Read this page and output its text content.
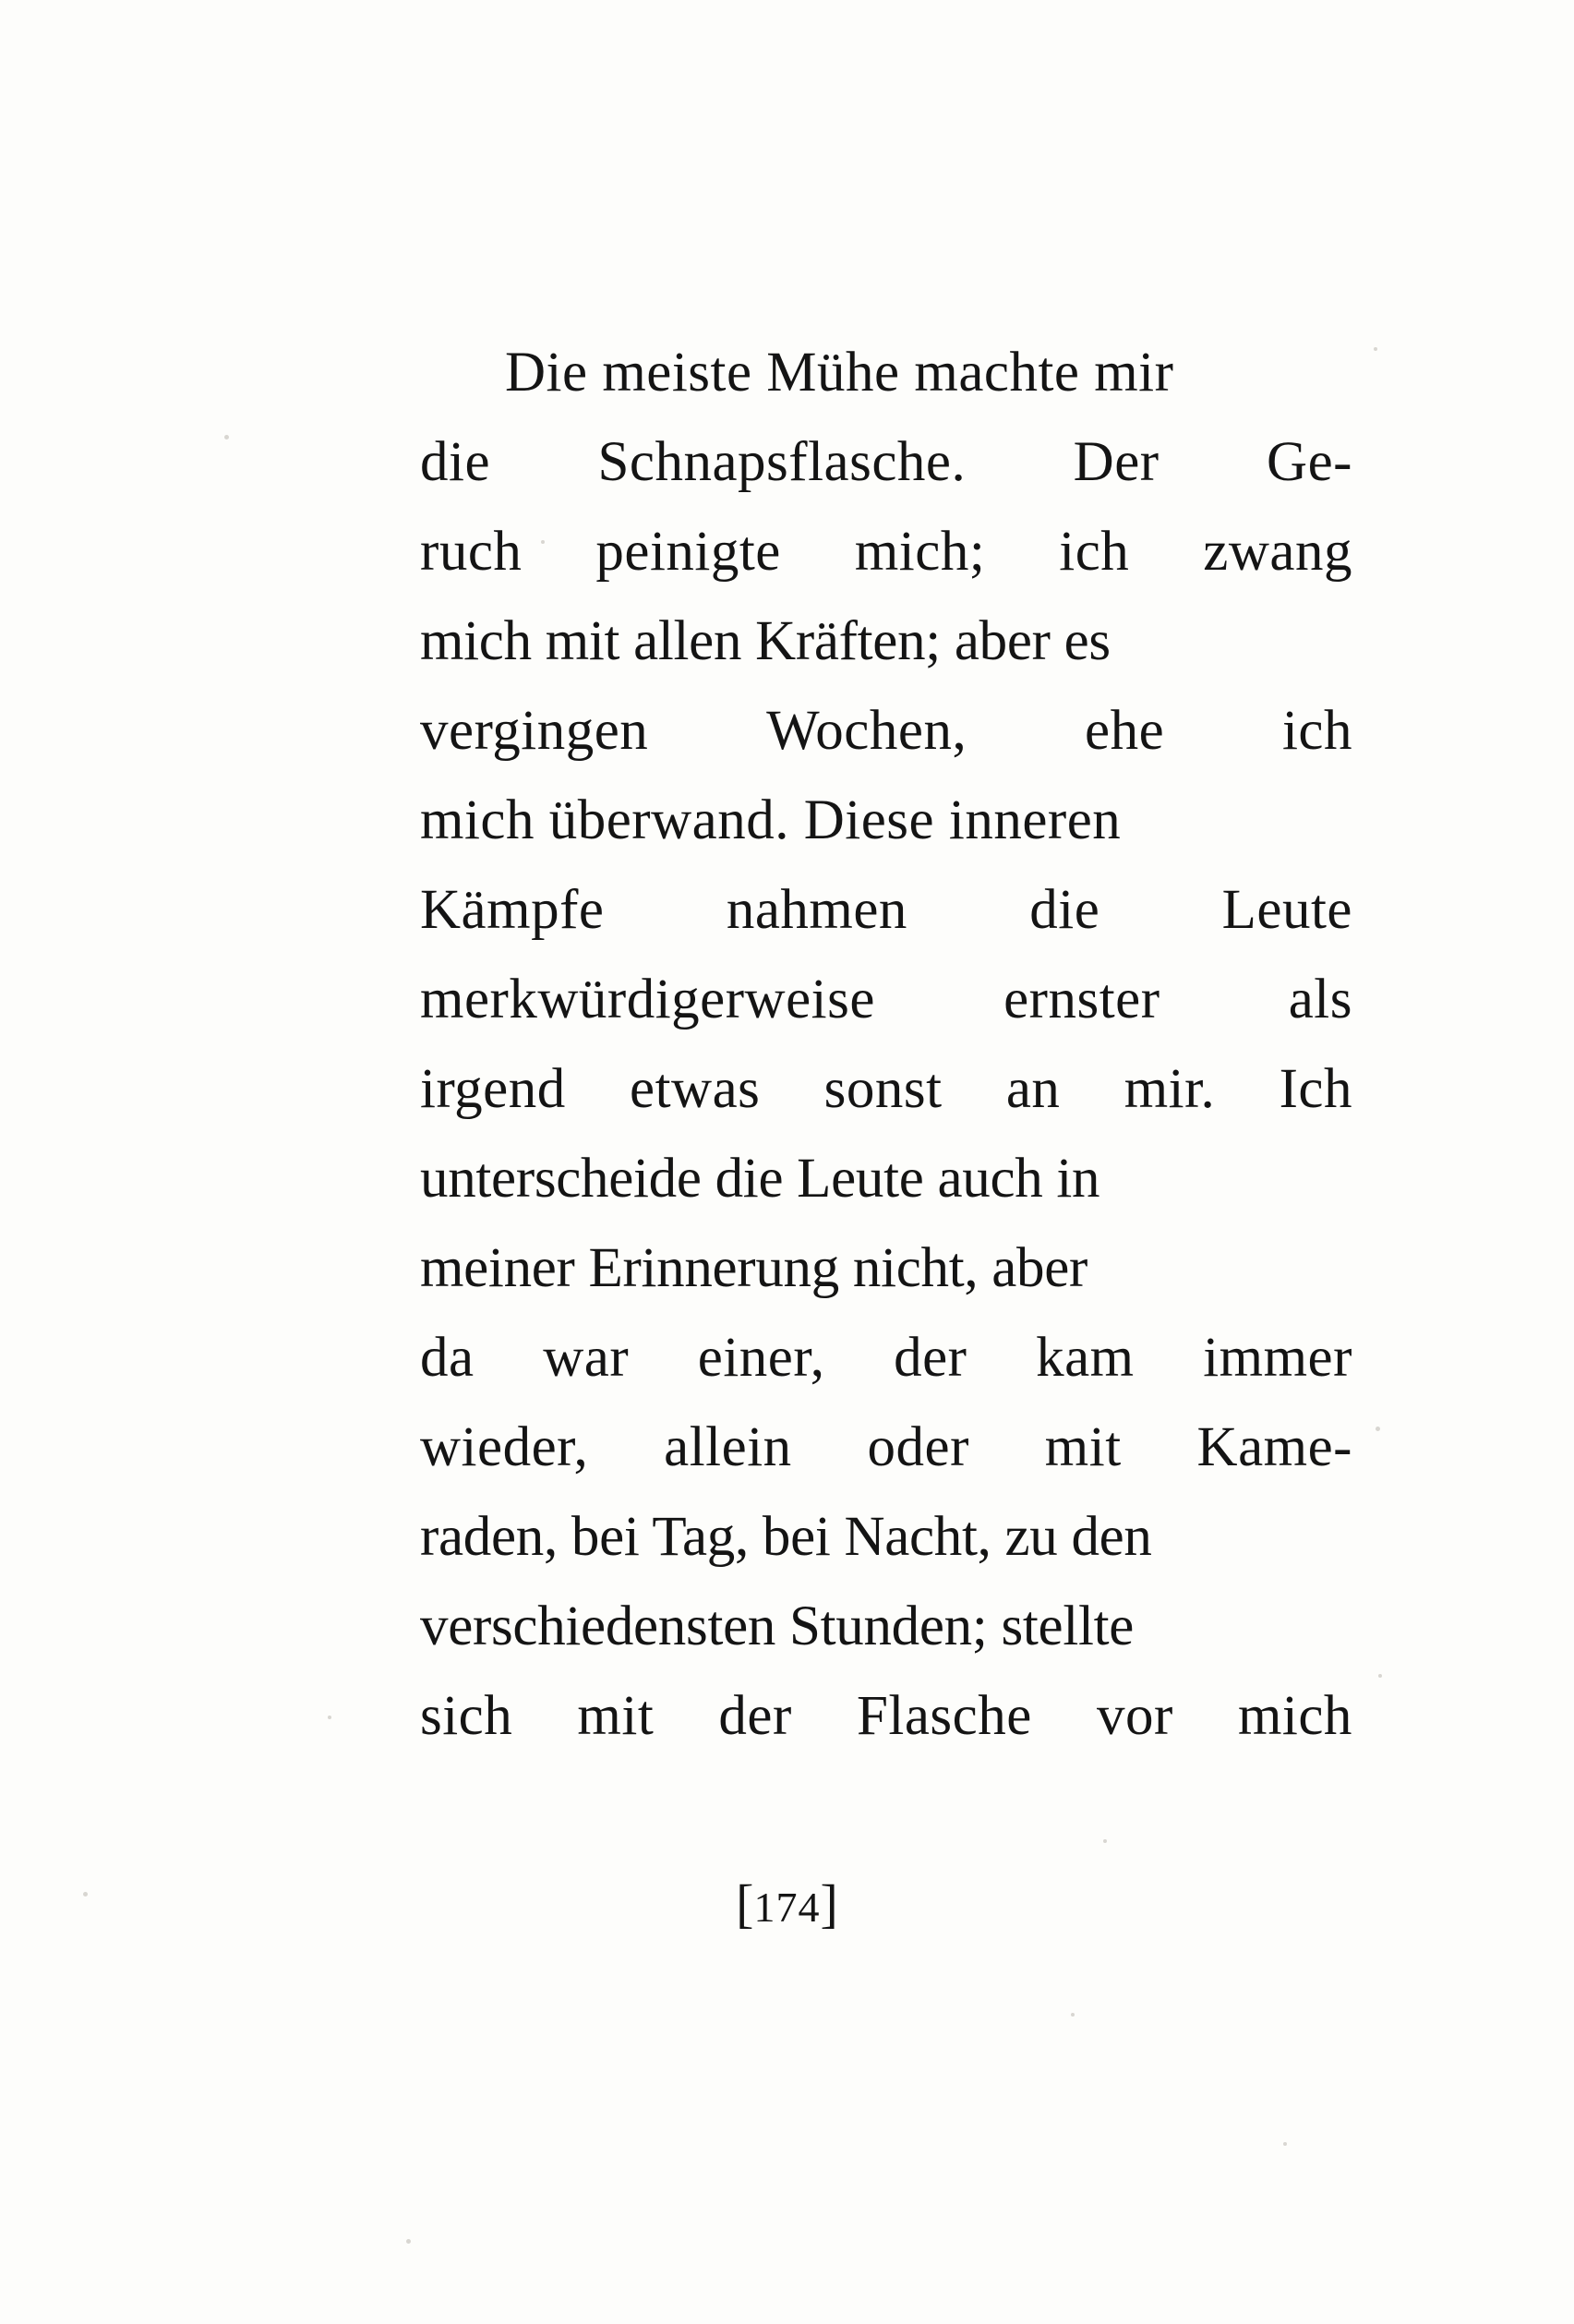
Die meiste Mühe machte mir
die Schnapsflasche. Der Ge-
ruch peinigte mich; ich zwang
mich mit allen Kräften; aber es
vergingen Wochen, ehe ich
mich überwand. Diese inneren
Kämpfe nahmen die Leute
merkwürdigerweise ernster als
irgend etwas sonst an mir. Ich
unterscheide die Leute auch in
meiner Erinnerung nicht, aber
da war einer, der kam immer
wieder, allein oder mit Kame-
raden, bei Tag, bei Nacht, zu den
verschiedensten Stunden; stellte
sich mit der Flasche vor mich
[174]
